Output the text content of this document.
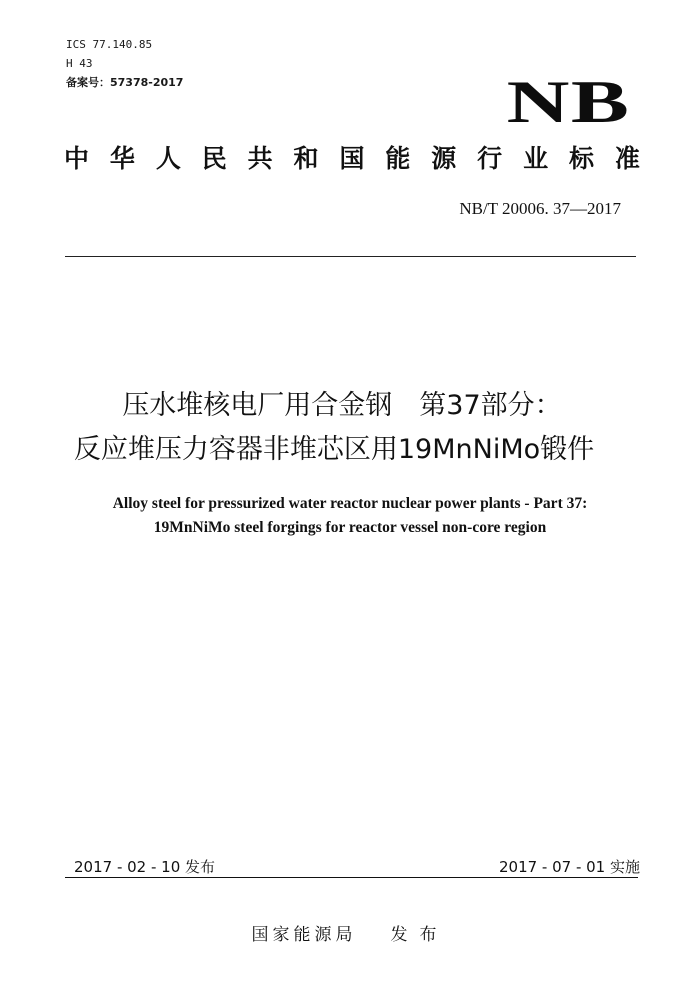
ICS 77.140.85
H 43
备案号：57378-2017	NB
中 华 人 民 共 和 国 能 源 行 业 标 准
NB/T 20006. 37—2017
压水堆核电厂用合金钢　第37部分：
反应堆压力容器非堆芯区用19MnNiMo锻件
Alloy steel for pressurized water reactor nuclear power plants - Part 37:
19MnNiMo steel forgings for reactor vessel non-core region
2017 - 02 - 10 发布	2017 - 07 - 01 实施
国家能源局 发布
